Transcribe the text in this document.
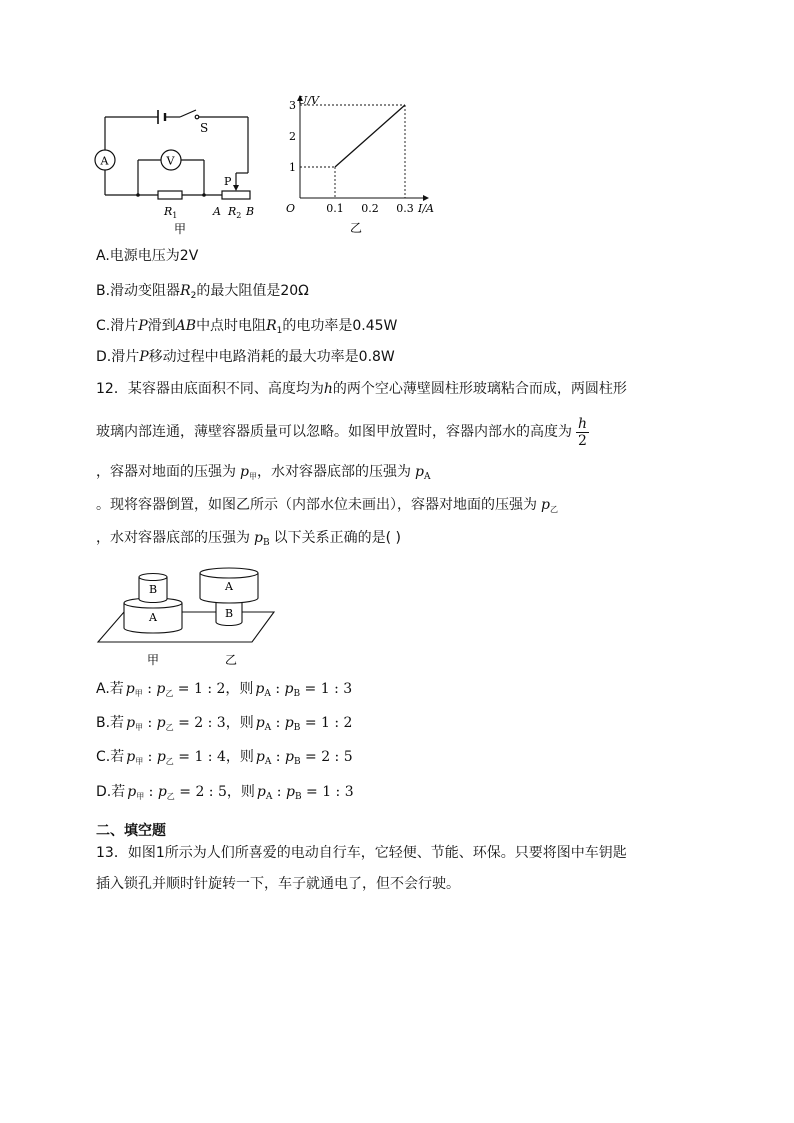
S
A	V
P
$R_1$	A $R_2$ B
甲
U/V
I/A
O	0.1 0.2 0.3
1
2
3
乙
A.电源电压为2V
B.滑动变阻器$R_2$的最大阻值是20Ω
C.滑片P滑到AB中点时电阻$R_1$的电功率是0.45W
D.滑片P移动过程中电路消耗的最大功率是0.8W
12．某容器由底面积不同、高度均为h的两个空心薄壁圆柱形玻璃粘合而成，两圆柱形
玻璃内部连通，薄壁容器质量可以忽略。如图甲放置时，容器内部水的高度为 $\frac{h}{2}$
，容器对地面的压强为 $p_甲$，水对容器底部的压强为 $p_A$
。现将容器倒置，如图乙所示（内部水位未画出），容器对地面的压强为 $p_乙$
，水对容器底部的压强为 $p_B$ 以下关系正确的是( )
B
A
A
B
甲	乙
A.若 $p_甲$ : $p_乙 = 1$ : 2，则 $p_A$ : $p_B = 1$ : 3
B.若 $p_甲$ : $p_乙 = 2$ : 3，则 $p_A$ : $p_B = 1$ : 2
C.若 $p_甲$ : $p_乙 = 1$ : 4，则 $p_A$ : $p_B = 2$ : 5
D.若 $p_甲$ : $p_乙 = 2$ : 5，则 $p_A$ : $p_B = 1$ : 3
二、填空题
13．如图1所示为人们所喜爱的电动自行车，它轻便、节能、环保。只要将图中车钥匙
插入锁孔并顺时针旋转一下，车子就通电了，但不会行驶。
